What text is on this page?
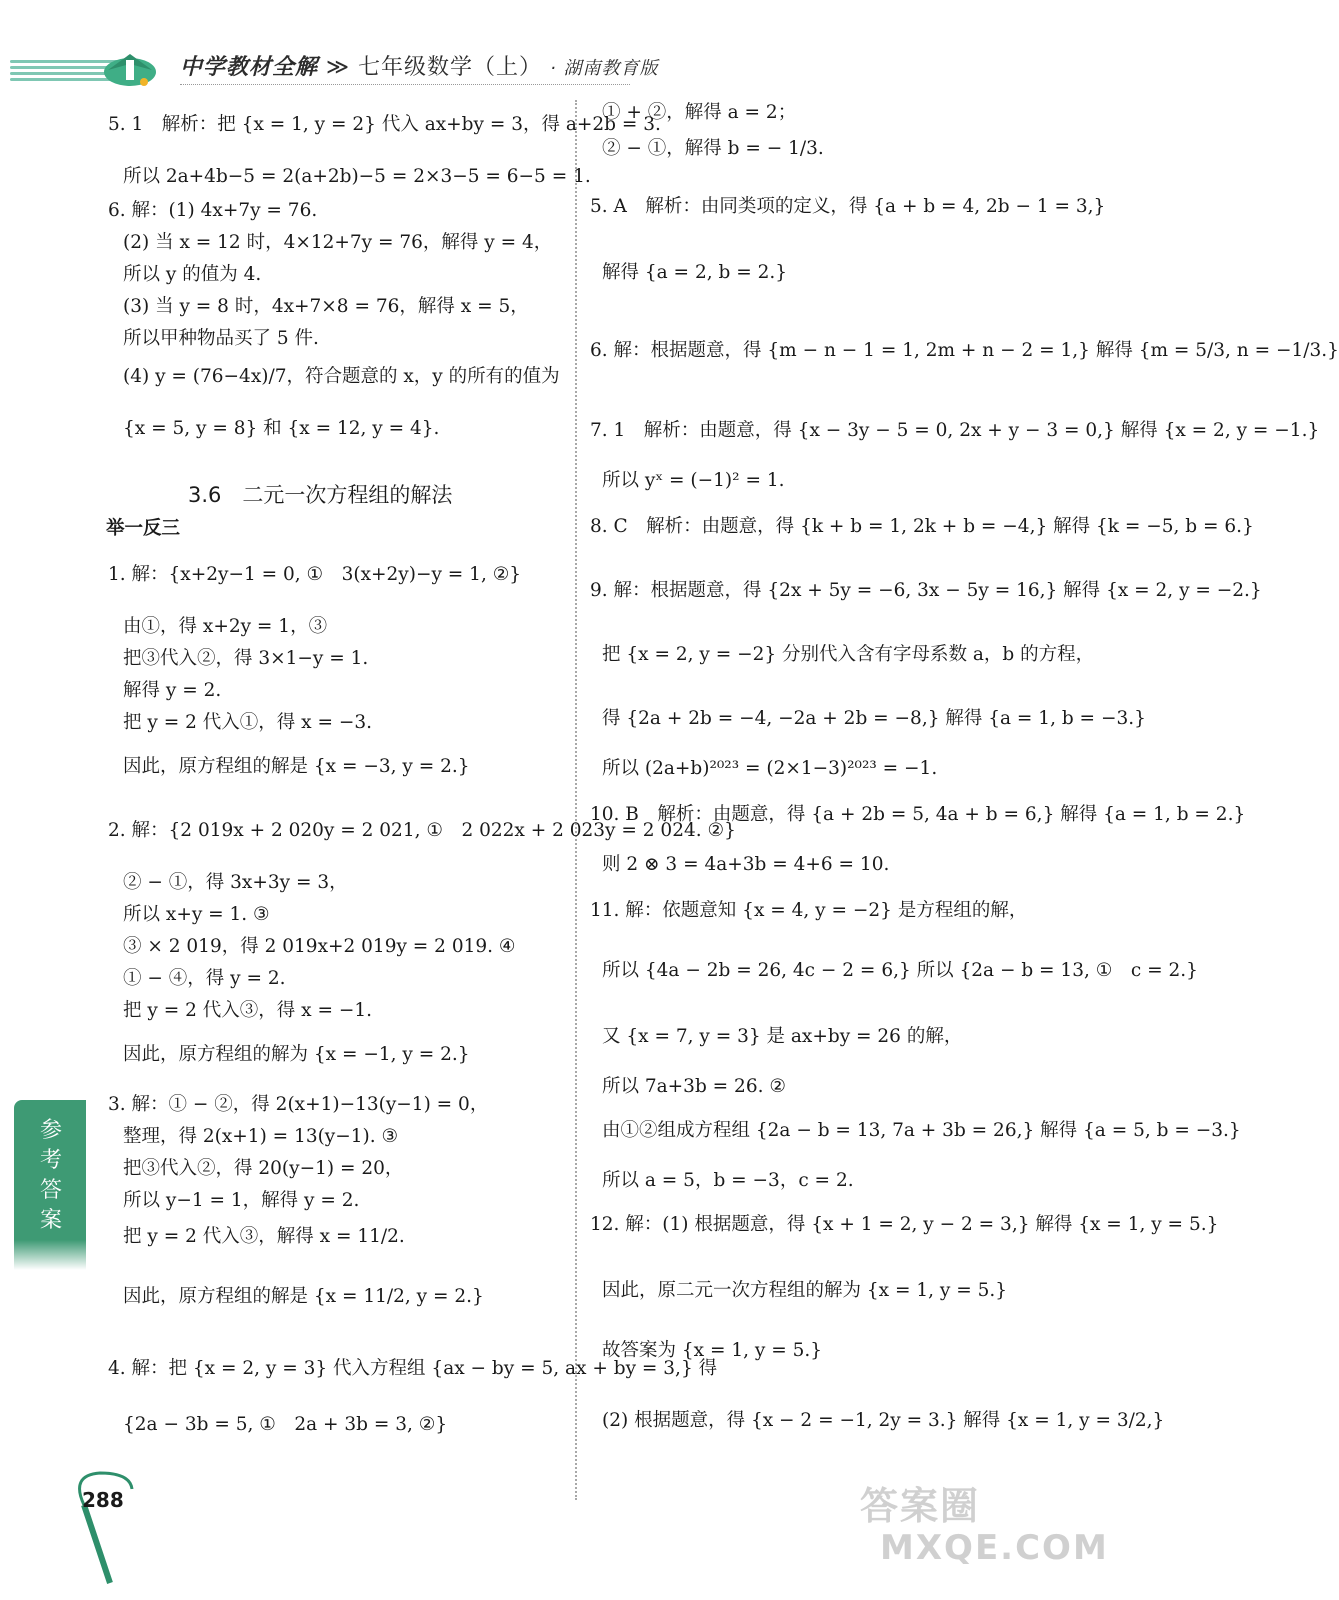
中学教材全解 ≫ 七年级数学（上） · 湖南教育版
5. 1　解析：把 {x = 1, y = 2} 代入 ax+by = 3，得 a+2b = 3.
所以 2a+4b−5 = 2(a+2b)−5 = 2×3−5 = 6−5 = 1.
6. 解：(1) 4x+7y = 76.
(2) 当 x = 12 时，4×12+7y = 76，解得 y = 4，
所以 y 的值为 4.
(3) 当 y = 8 时，4x+7×8 = 76，解得 x = 5，
所以甲种物品买了 5 件.
(4) y = (76−4x)/7，符合题意的 x，y 的所有的值为
{x = 5, y = 8} 和 {x = 12, y = 4}.
3.6　二元一次方程组的解法
举一反三
1. 解：{x+2y−1 = 0, ①　3(x+2y)−y = 1, ②}
由①，得 x+2y = 1，③
把③代入②，得 3×1−y = 1.
解得 y = 2.
把 y = 2 代入①，得 x = −3.
因此，原方程组的解是 {x = −3, y = 2.}
2. 解：{2 019x + 2 020y = 2 021, ①　2 022x + 2 023y = 2 024. ②}
② − ①，得 3x+3y = 3，
所以 x+y = 1. ③
③ × 2 019，得 2 019x+2 019y = 2 019. ④
① − ④，得 y = 2.
把 y = 2 代入③，得 x = −1.
因此，原方程组的解为 {x = −1, y = 2.}
3. 解：① − ②，得 2(x+1)−13(y−1) = 0，
整理，得 2(x+1) = 13(y−1). ③
把③代入②，得 20(y−1) = 20，
所以 y−1 = 1，解得 y = 2.
把 y = 2 代入③，解得 x = 11/2.
因此，原方程组的解是 {x = 11/2, y = 2.}
4. 解：把 {x = 2, y = 3} 代入方程组 {ax − by = 5, ax + by = 3,} 得
{2a − 3b = 5, ①　2a + 3b = 3, ②}
① + ②，解得 a = 2；
② − ①，解得 b = − 1/3.
5. A　解析：由同类项的定义，得 {a + b = 4, 2b − 1 = 3,}
解得 {a = 2, b = 2.}
6. 解：根据题意，得 {m − n − 1 = 1, 2m + n − 2 = 1,} 解得 {m = 5/3, n = −1/3.}
7. 1　解析：由题意，得 {x − 3y − 5 = 0, 2x + y − 3 = 0,} 解得 {x = 2, y = −1.}
所以 yˣ = (−1)² = 1.
8. C　解析：由题意，得 {k + b = 1, 2k + b = −4,} 解得 {k = −5, b = 6.}
9. 解：根据题意，得 {2x + 5y = −6, 3x − 5y = 16,} 解得 {x = 2, y = −2.}
把 {x = 2, y = −2} 分别代入含有字母系数 a，b 的方程，
得 {2a + 2b = −4, −2a + 2b = −8,} 解得 {a = 1, b = −3.}
所以 (2a+b)²⁰²³ = (2×1−3)²⁰²³ = −1.
10. B　解析：由题意，得 {a + 2b = 5, 4a + b = 6,} 解得 {a = 1, b = 2.}
则 2 ⊗ 3 = 4a+3b = 4+6 = 10.
11. 解：依题意知 {x = 4, y = −2} 是方程组的解，
所以 {4a − 2b = 26, 4c − 2 = 6,} 所以 {2a − b = 13, ①　c = 2.}
又 {x = 7, y = 3} 是 ax+by = 26 的解，
所以 7a+3b = 26. ②
由①②组成方程组 {2a − b = 13, 7a + 3b = 26,} 解得 {a = 5, b = −3.}
所以 a = 5，b = −3，c = 2.
12. 解：(1) 根据题意，得 {x + 1 = 2, y − 2 = 3,} 解得 {x = 1, y = 5.}
因此，原二元一次方程组的解为 {x = 1, y = 5.}
故答案为 {x = 1, y = 5.}
(2) 根据题意，得 {x − 2 = −1, 2y = 3.} 解得 {x = 1, y = 3/2,}
参考答案
288	答案圈
MXQE.COM
